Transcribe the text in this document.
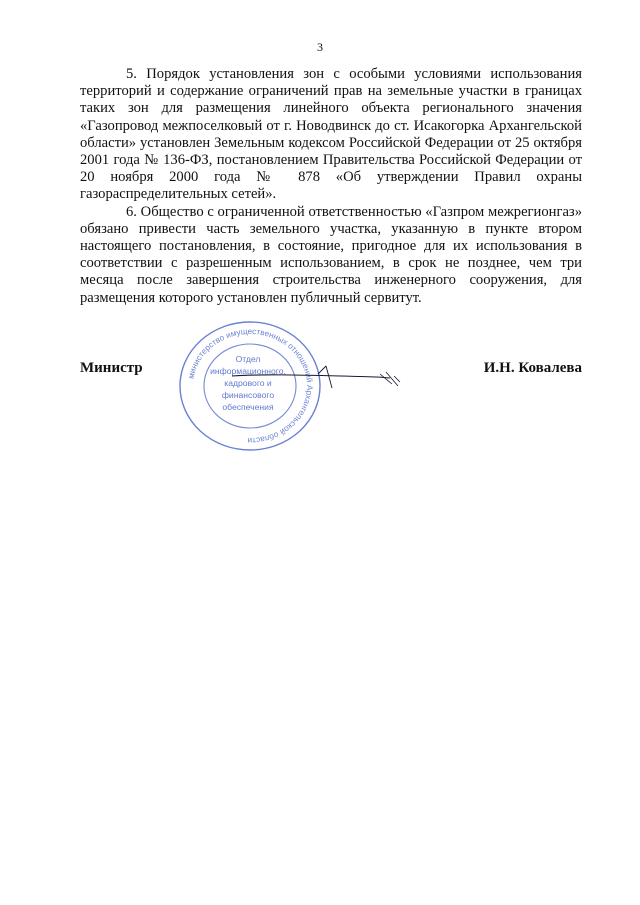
3

5. Порядок установления зон с особыми условиями использования территорий и содержание ограничений прав на земельные участки в границах таких зон для размещения линейного объекта регионального значения «Газопровод межпоселковый от г. Новодвинск до ст. Исакогорка Архангельской области» установлен Земельным кодексом Российской Федерации от 25 октября 2001 года № 136-ФЗ, постановлением Правительства Российской Федерации от 20 ноября 2000 года № 878 «Об утверждении Правил охраны газораспределительных сетей».

6. Общество с ограниченной ответственностью «Газпром межрегионгаз» обязано привести часть земельного участка, указанную в пункте втором настоящего постановления, в состояние, пригодное для их использования в соответствии с разрешенным использованием, в срок не позднее, чем три месяца после завершения строительства инженерного сооружения, для размещения которого установлен публичный сервитут.

Министр	И.Н. Ковалева
министерство имущественных отношений Архангельской области
Отдел
информационного,
кадрового и
финансового
обеспечения
